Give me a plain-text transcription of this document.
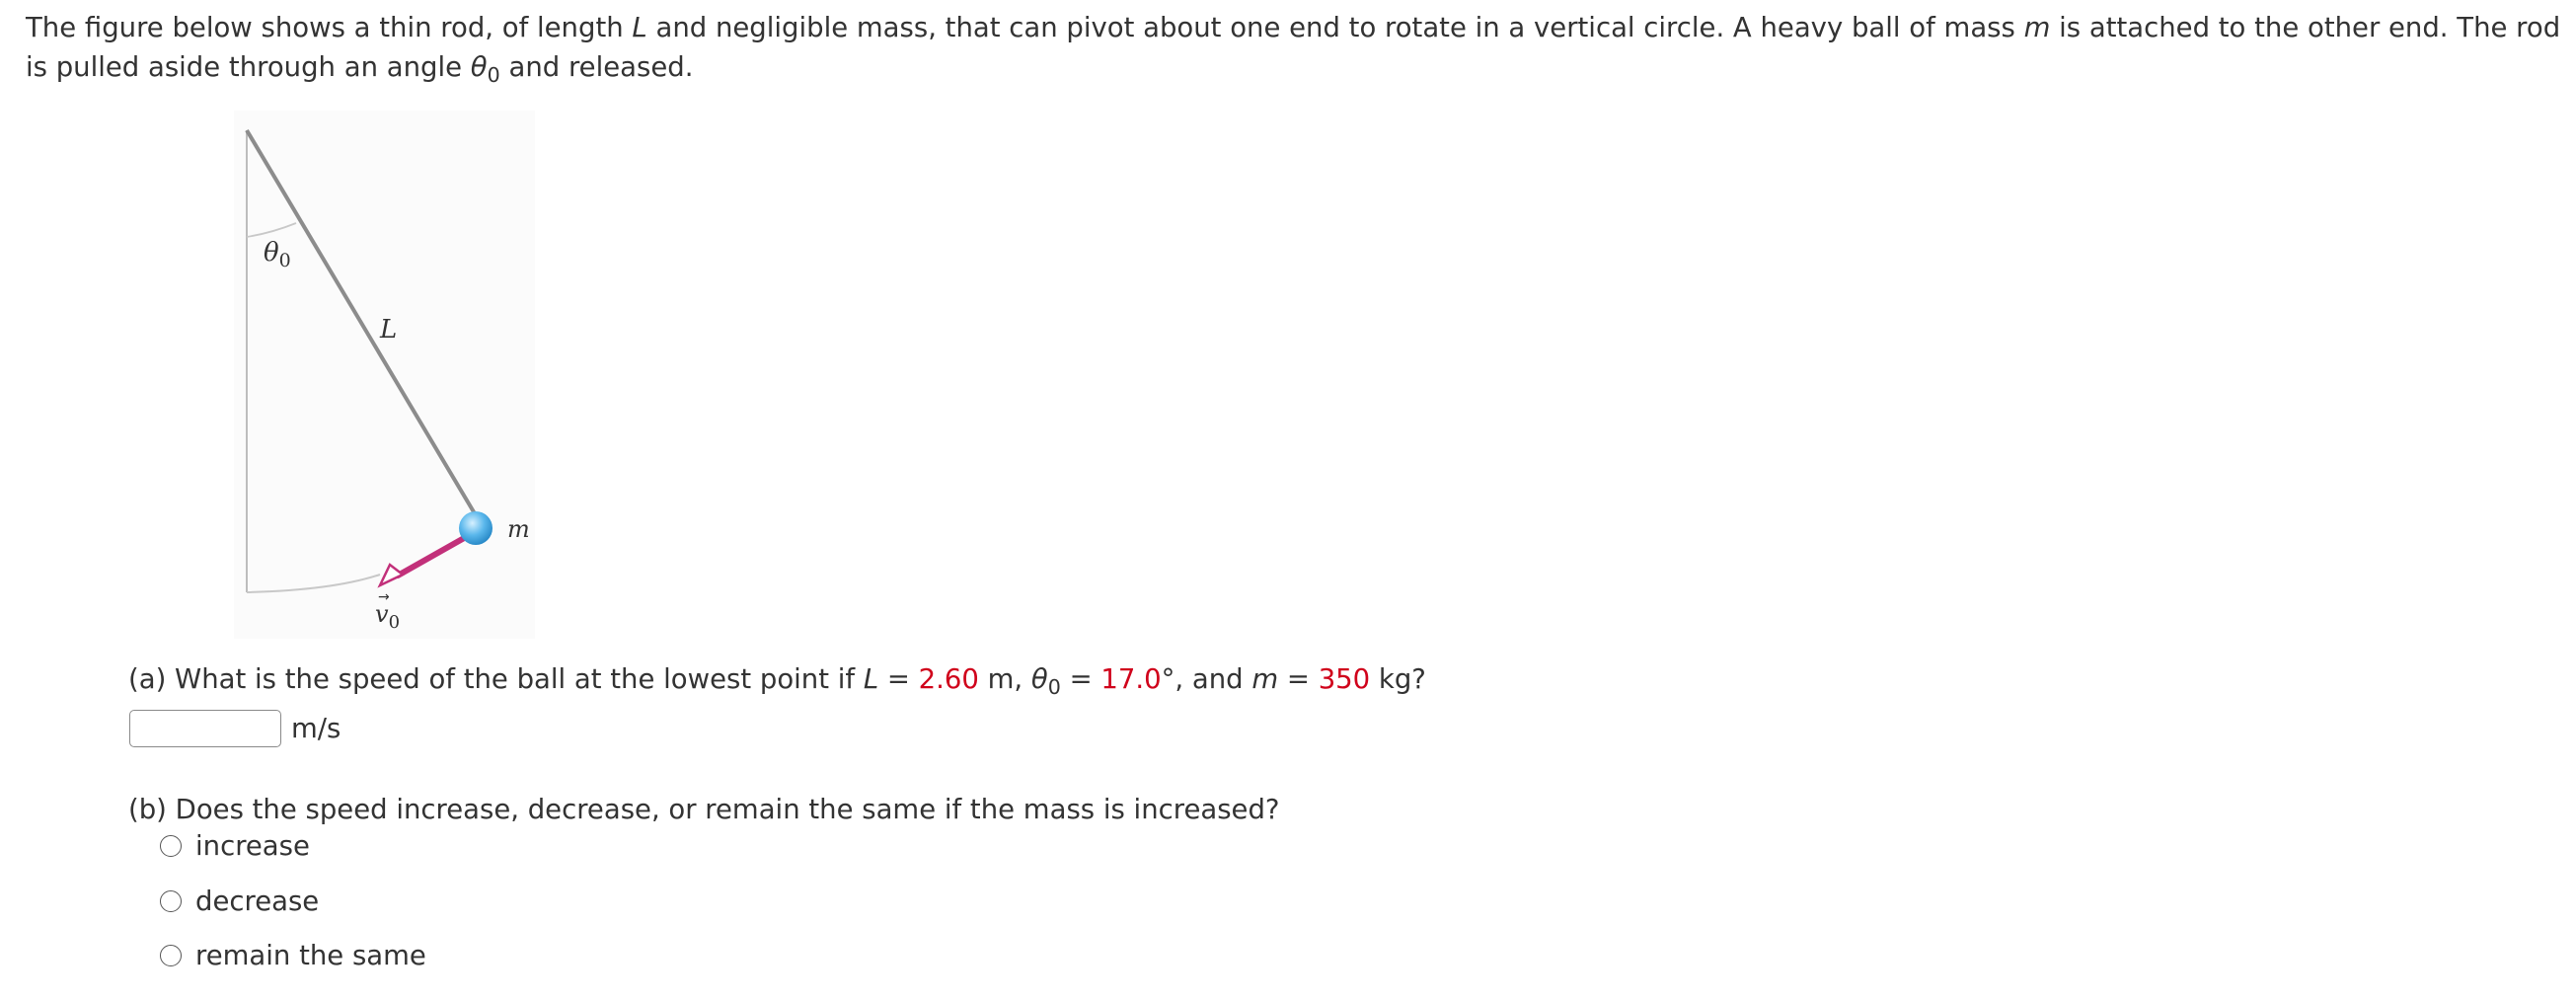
The figure below shows a thin rod, of length L and negligible mass, that can pivot about one end to rotate in a vertical circle. A heavy ball of mass m is attached to the other end. The rod is pulled aside through an angle $\theta_0$ and released.

$\theta_0$
L
m
$v_0$
→

(a) What is the speed of the ball at the lowest point if L = 2.60 m, $\theta_0 = 17.0^\circ$, and m = 350 kg?

m/s

(b) Does the speed increase, decrease, or remain the same if the mass is increased?

increase
decrease
remain the same
